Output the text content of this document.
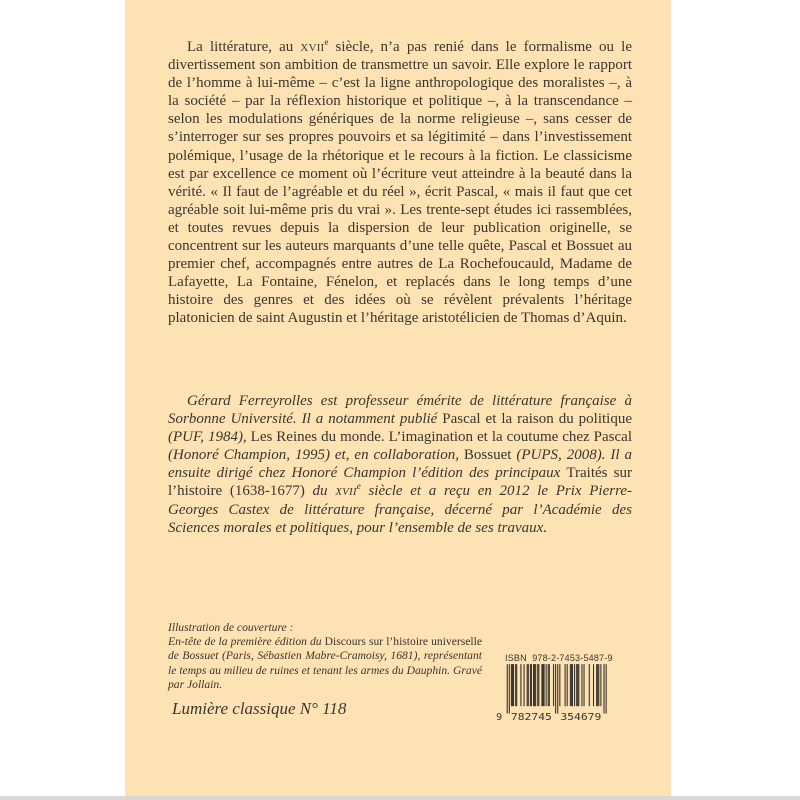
La littérature, au xvii$^e$ siècle, n’a pas renié dans le formalisme ou le divertissement son ambition de transmettre un savoir. Elle explore le rapport de l’homme à lui-même – c’est la ligne anthropologique des moralistes –, à la société – par la réflexion historique et politique –, à la transcendance – selon les modulations génériques de la norme religieuse –, sans cesser de s’interroger sur ses propres pouvoirs et sa légitimité – dans l’investissement polémique, l’usage de la rhétorique et le recours à la fiction. Le classicisme est par excellence ce moment où l’écriture veut atteindre à la beauté dans la vérité. « Il faut de l’agréable et du réel », écrit Pascal, « mais il faut que cet agréable soit lui-même pris du vrai ». Les trente-sept études ici rassemblées, et toutes revues depuis la dispersion de leur publication originelle, se concentrent sur les auteurs marquants d’une telle quête, Pascal et Bossuet au premier chef, accompagnés entre autres de La Rochefoucauld, Madame de Lafayette, La Fontaine, Fénelon, et replacés dans le long temps d’une histoire des genres et des idées où se révèlent prévalents l’héritage platonicien de saint Augustin et l’héritage aristotélicien de Thomas d’Aquin.

Gérard Ferreyrolles est professeur émérite de littérature française à Sorbonne Université. Il a notamment publié Pascal et la raison du politique (PUF, 1984), Les Reines du monde. L’imagination et la coutume chez Pascal (Honoré Champion, 1995) et, en collaboration, Bossuet (PUPS, 2008). Il a ensuite dirigé chez Honoré Champion l’édition des principaux Traités sur l’histoire (1638-1677) du xvii$^e$ siècle et a reçu en 2012 le Prix Pierre-Georges Castex de littérature française, décerné par l’Académie des Sciences morales et politiques, pour l’ensemble de ses travaux.

Illustration de couverture :
En-tête de la première édition du Discours sur l’histoire universelle de Bossuet (Paris, Sébastien Mabre-Cramoisy, 1681), représentant le temps au milieu de ruines et tenant les armes du Dauphin. Gravé par Jollain.
Lumière classique N° 118
ISBN  978-2-7453-5487-9
9 782745 354679
